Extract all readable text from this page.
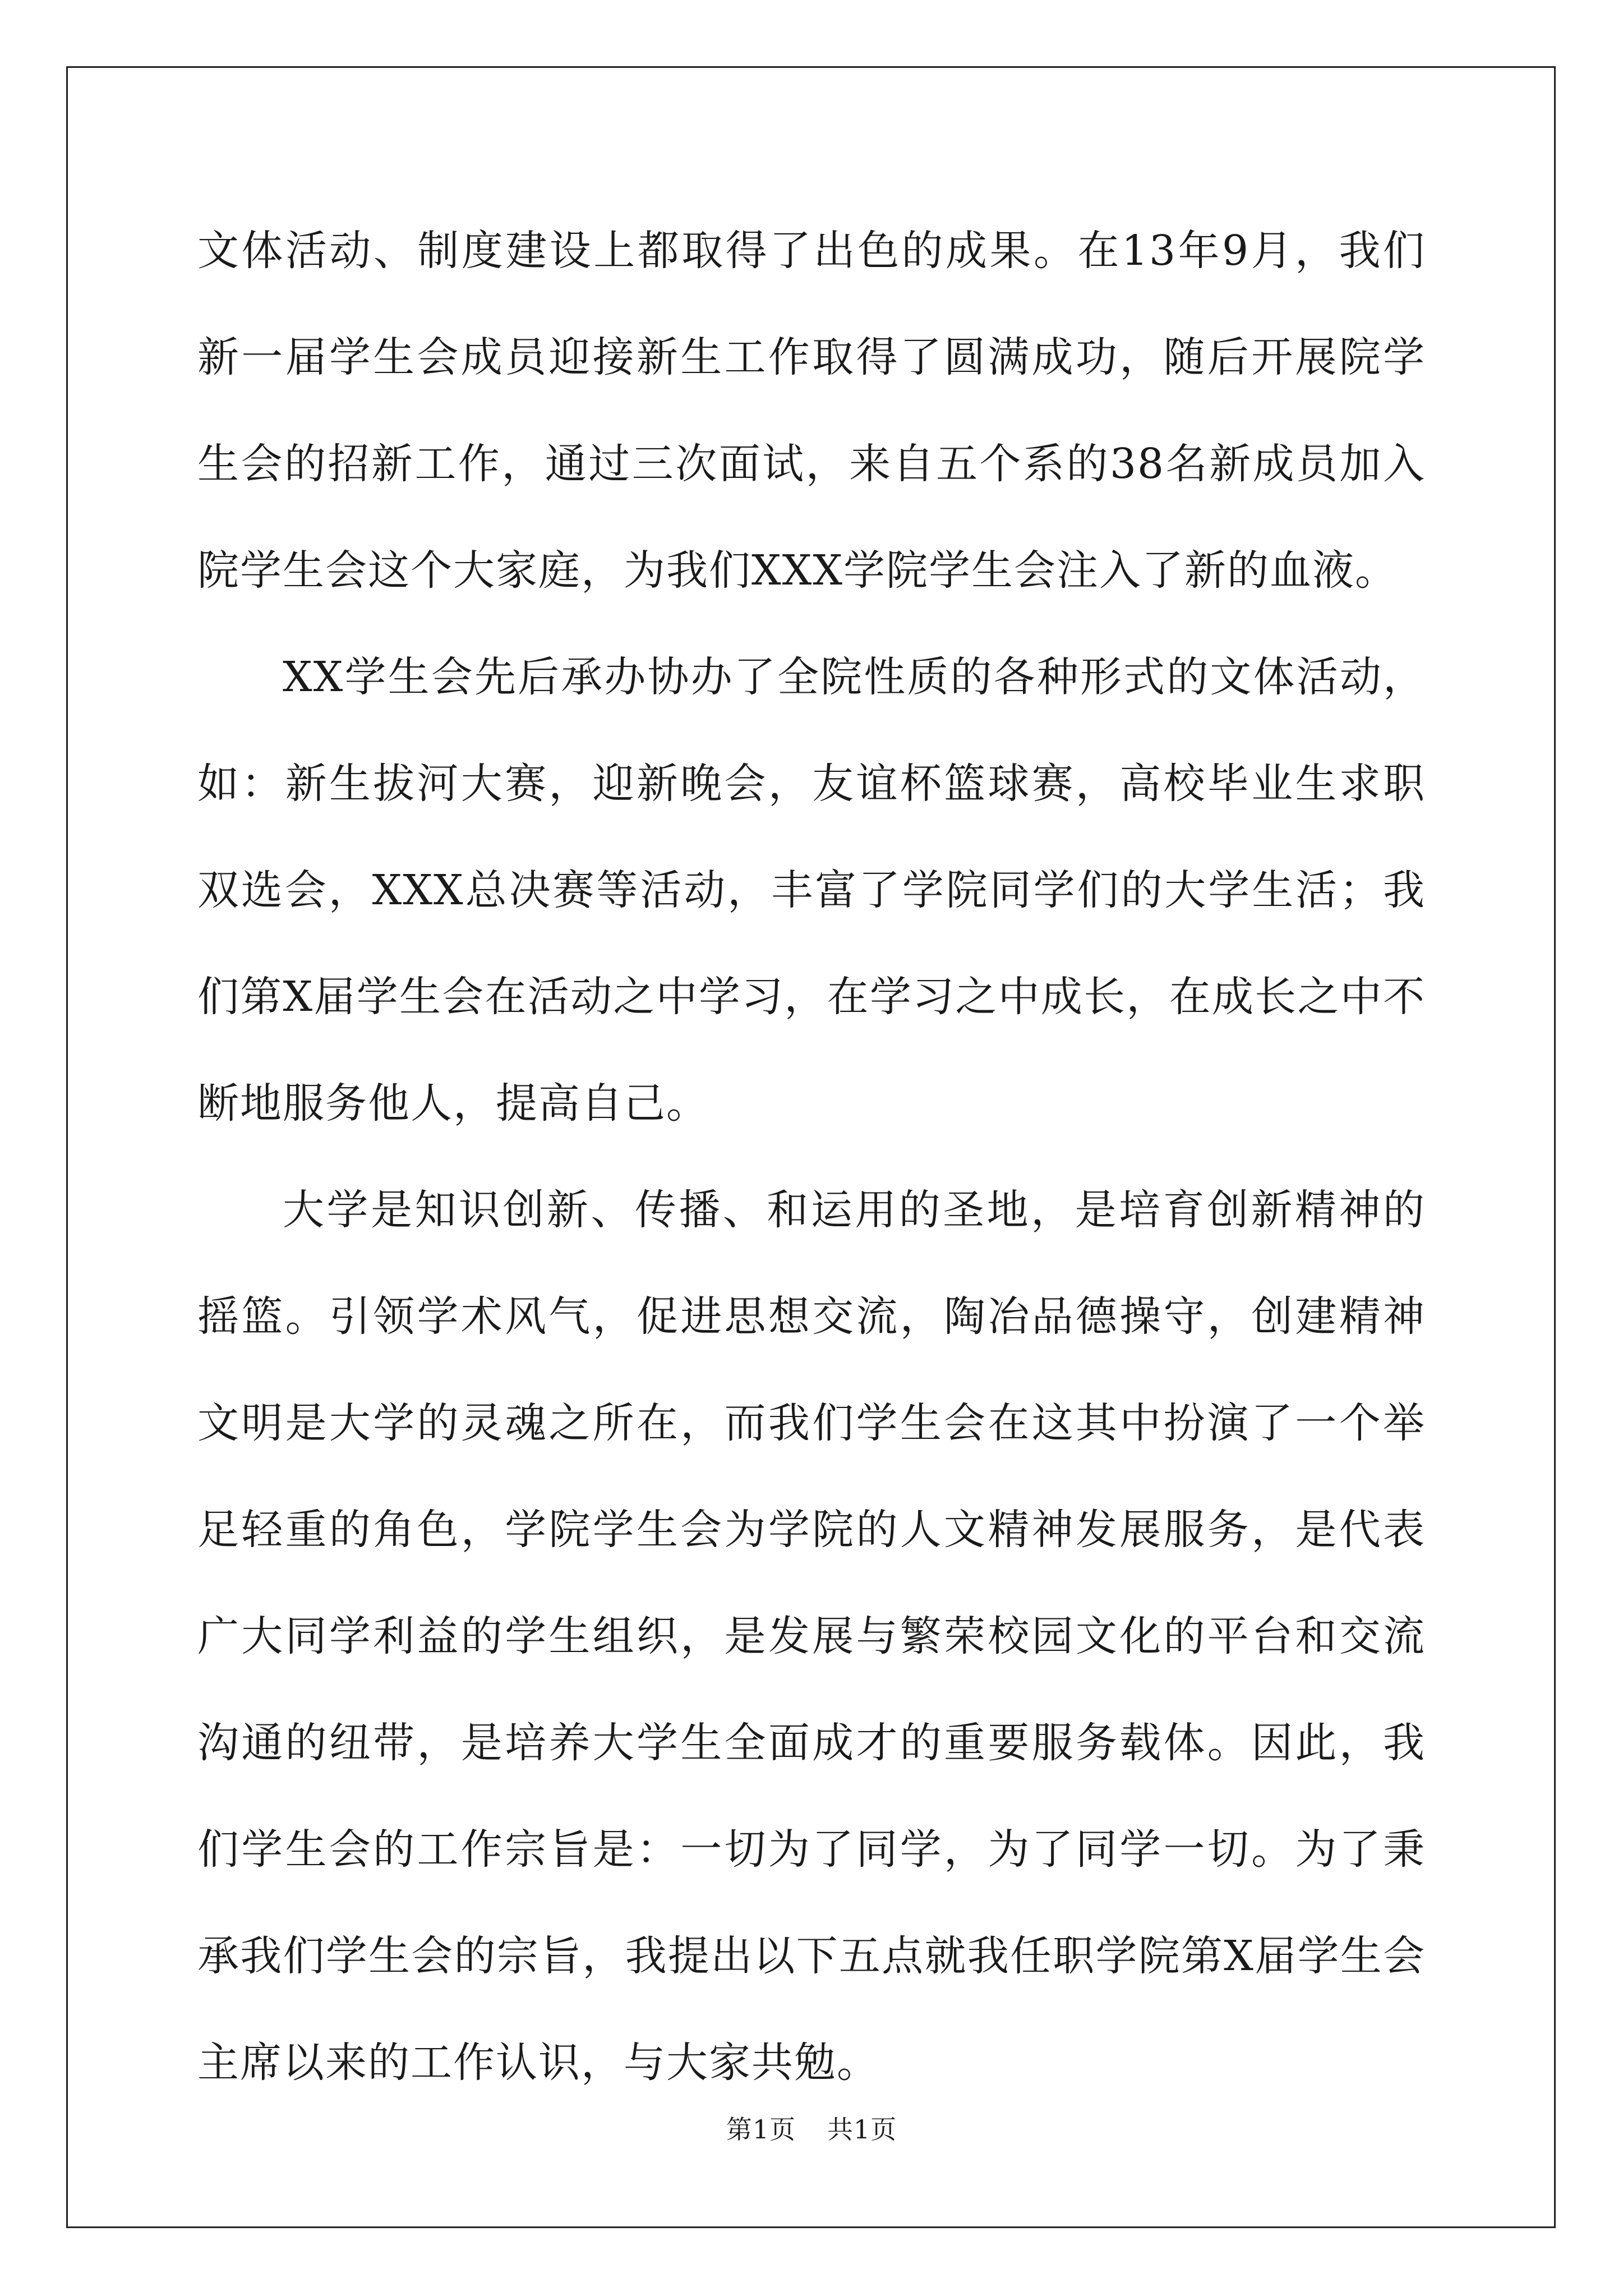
文体活动、制度建设上都取得了出色的成果。在13年9月，我们新一届学生会成员迎接新生工作取得了圆满成功，随后开展院学生会的招新工作，通过三次面试，来自五个系的38名新成员加入院学生会这个大家庭，为我们XXX学院学生会注入了新的血液。

XX学生会先后承办协办了全院性质的各种形式的文体活动，如：新生拔河大赛，迎新晚会，友谊杯篮球赛，高校毕业生求职双选会，XXX总决赛等活动，丰富了学院同学们的大学生活；我们第X届学生会在活动之中学习，在学习之中成长，在成长之中不断地服务他人，提高自己。

大学是知识创新、传播、和运用的圣地，是培育创新精神的摇篮。引领学术风气，促进思想交流，陶冶品德操守，创建精神文明是大学的灵魂之所在，而我们学生会在这其中扮演了一个举足轻重的角色，学院学生会为学院的人文精神发展服务，是代表广大同学利益的学生组织，是发展与繁荣校园文化的平台和交流沟通的纽带，是培养大学生全面成才的重要服务载体。因此，我们学生会的工作宗旨是：一切为了同学，为了同学一切。为了秉承我们学生会的宗旨，我提出以下五点就我任职学院第X届学生会主席以来的工作认识，与大家共勉。

第1页 共1页
